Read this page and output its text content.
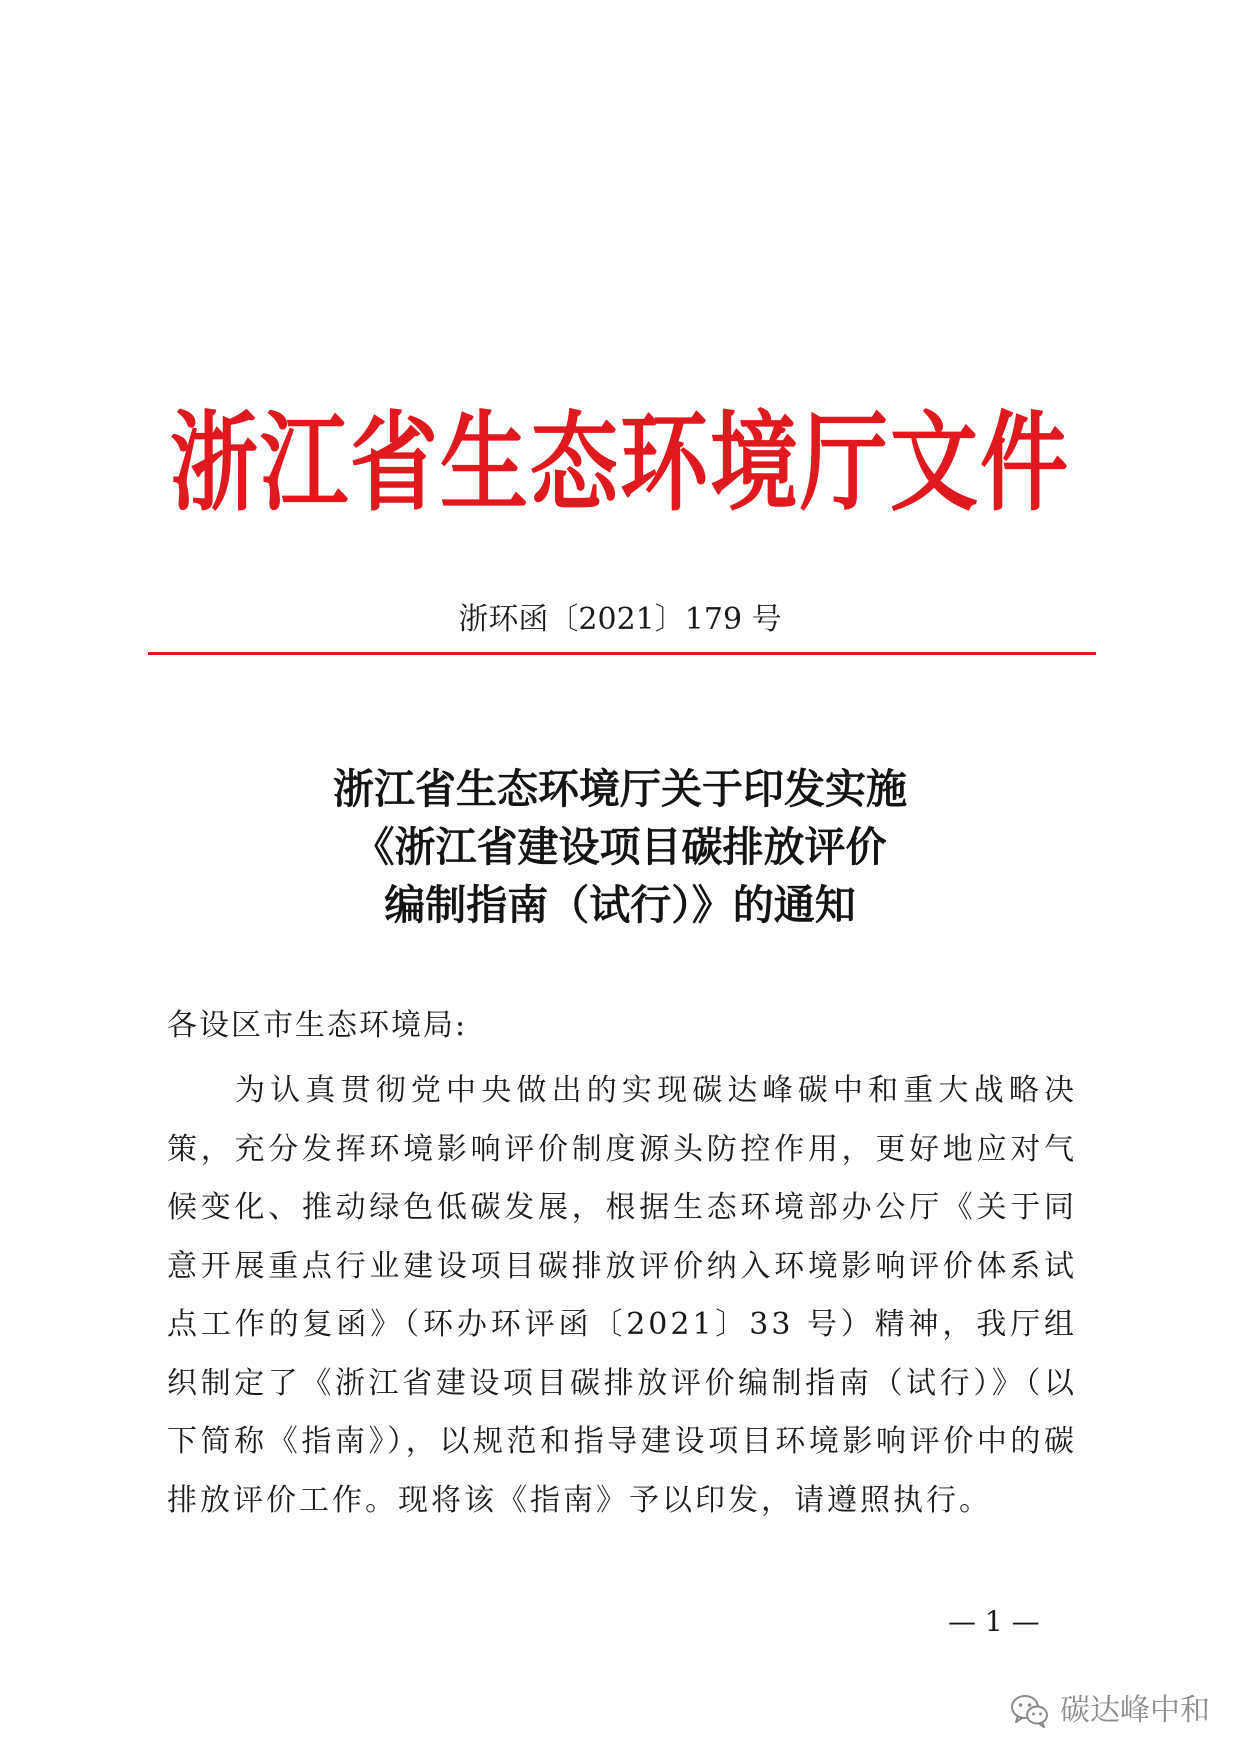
浙江省生态环境厅文件
浙环函〔2021〕179 号
浙江省生态环境厅关于印发实施
《浙江省建设项目碳排放评价
编制指南（试行）》的通知
各设区市生态环境局:
为认真贯彻党中央做出的实现碳达峰碳中和重大战略决策，充分发挥环境影响评价制度源头防控作用，更好地应对气候变化、推动绿色低碳发展，根据生态环境部办公厅《关于同意开展重点行业建设项目碳排放评价纳入环境影响评价体系试点工作的复函》（环办环评函〔2021〕33 号）精神，我厅组织制定了《浙江省建设项目碳排放评价编制指南（试行）》（以下简称《指南》），以规范和指导建设项目环境影响评价中的碳排放评价工作。现将该《指南》予以印发，请遵照执行。
— 1 —
碳达峰中和
